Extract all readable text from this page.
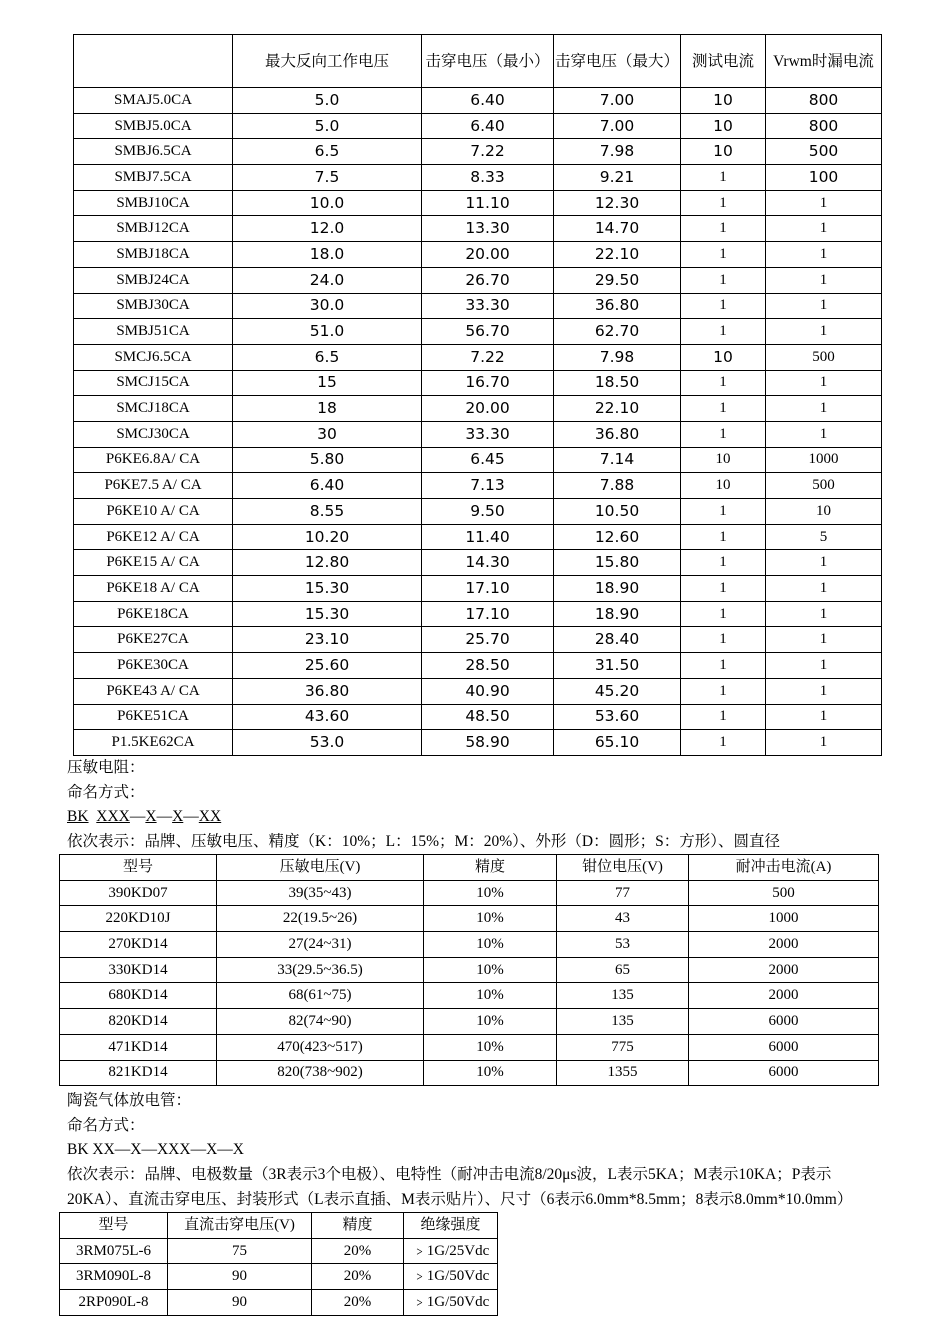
	最大反向工作电压	击穿电压（最小）	击穿电压（最大）	测试电流	Vrwm时漏电流
SMAJ5.0CA	5.0	6.40	7.00	10	800
SMBJ5.0CA	5.0	6.40	7.00	10	800
SMBJ6.5CA	6.5	7.22	7.98	10	500
SMBJ7.5CA	7.5	8.33	9.21	1	100
SMBJ10CA	10.0	11.10	12.30	1	1
SMBJ12CA	12.0	13.30	14.70	1	1
SMBJ18CA	18.0	20.00	22.10	1	1
SMBJ24CA	24.0	26.70	29.50	1	1
SMBJ30CA	30.0	33.30	36.80	1	1
SMBJ51CA	51.0	56.70	62.70	1	1
SMCJ6.5CA	6.5	7.22	7.98	10	500
SMCJ15CA	15	16.70	18.50	1	1
SMCJ18CA	18	20.00	22.10	1	1
SMCJ30CA	30	33.30	36.80	1	1
P6KE6.8A/ CA	5.80	6.45	7.14	10	1000
P6KE7.5 A/ CA	6.40	7.13	7.88	10	500
P6KE10 A/ CA	8.55	9.50	10.50	1	10
P6KE12 A/ CA	10.20	11.40	12.60	1	5
P6KE15 A/ CA	12.80	14.30	15.80	1	1
P6KE18 A/ CA	15.30	17.10	18.90	1	1
P6KE18CA	15.30	17.10	18.90	1	1
P6KE27CA	23.10	25.70	28.40	1	1
P6KE30CA	25.60	28.50	31.50	1	1
P6KE43 A/ CA	36.80	40.90	45.20	1	1
P6KE51CA	43.60	48.50	53.60	1	1
P1.5KE62CA	53.0	58.90	65.10	1	1
压敏电阻：
命名方式：
BK XXX—X—X—XX
依次表示：品牌、压敏电压、精度（K：10%；L：15%；M：20%）、外形（D：圆形；S：方形）、圆直径
型号	压敏电压(V)	精度	钳位电压(V)	耐冲击电流(A)
390KD07	39(35~43)	10%	77	500
220KD10J	22(19.5~26)	10%	43	1000
270KD14	27(24~31)	10%	53	2000
330KD14	33(29.5~36.5)	10%	65	2000
680KD14	68(61~75)	10%	135	2000
820KD14	82(74~90)	10%	135	6000
471KD14	470(423~517)	10%	775	6000
821KD14	820(738~902)	10%	1355	6000
陶瓷气体放电管：
命名方式：
BK XX—X—XXX—X—X
依次表示：品牌、电极数量（3R表示3个电极）、电特性（耐冲击电流8/20μs波，L表示5KA；M表示10KA；P表示
20KA）、直流击穿电压、封装形式（L表示直插、M表示贴片）、尺寸（6表示6.0mm*8.5mm；8表示8.0mm*10.0mm）
型号	直流击穿电压(V)	精度	绝缘强度
3RM075L-6	75	20%	﹥1G/25Vdc
3RM090L-8	90	20%	﹥1G/50Vdc
2RP090L-8	90	20%	﹥1G/50Vdc
